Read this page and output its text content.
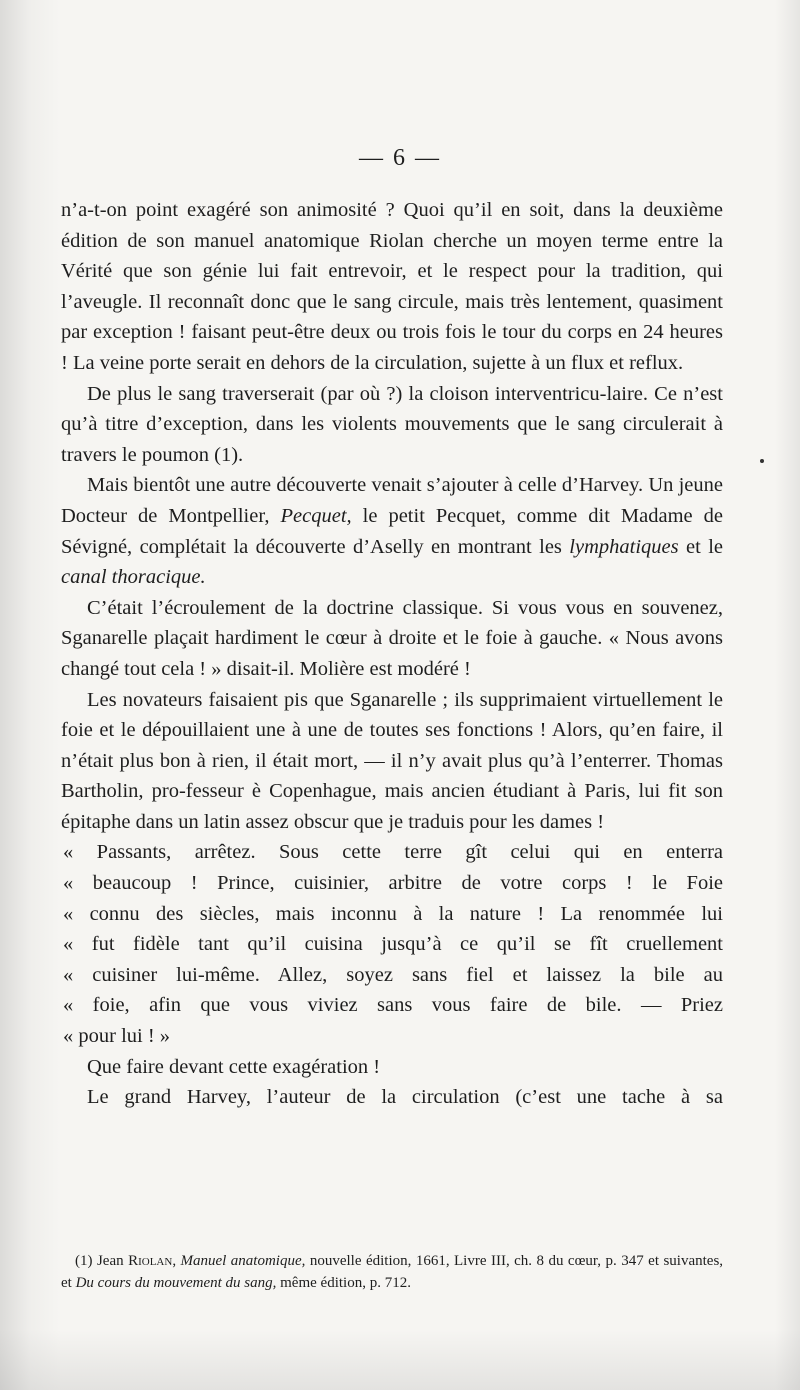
— 6 —

n’a-t-on point exagéré son animosité ? Quoi qu’il en soit, dans la deuxième édition de son manuel anatomique Riolan cherche un moyen terme entre la Vérité que son génie lui fait entrevoir, et le respect pour la tradition, qui l’aveugle. Il reconnaît donc que le sang circule, mais très lentement, quasiment par exception ! faisant peut-être deux ou trois fois le tour du corps en 24 heures ! La veine porte serait en dehors de la circulation, sujette à un flux et reflux.

De plus le sang traverserait (par où ?) la cloison interventricu-laire. Ce n’est qu’à titre d’exception, dans les violents mouvements que le sang circulerait à travers le poumon (1).

Mais bientôt une autre découverte venait s’ajouter à celle d’Harvey. Un jeune Docteur de Montpellier, Pecquet, le petit Pecquet, comme dit Madame de Sévigné, complétait la découverte d’Aselly en montrant les lymphatiques et le canal thoracique.

C’était l’écroulement de la doctrine classique. Si vous vous en souvenez, Sganarelle plaçait hardiment le cœur à droite et le foie à gauche. « Nous avons changé tout cela ! » disait-il. Molière est modéré !

Les novateurs faisaient pis que Sganarelle ; ils supprimaient virtuellement le foie et le dépouillaient une à une de toutes ses fonctions ! Alors, qu’en faire, il n’était plus bon à rien, il était mort, — il n’y avait plus qu’à l’enterrer. Thomas Bartholin, pro-fesseur è Copenhague, mais ancien étudiant à Paris, lui fit son épitaphe dans un latin assez obscur que je traduis pour les dames !

« Passants, arrêtez. Sous cette terre gît celui qui en enterra
« beaucoup ! Prince, cuisinier, arbitre de votre corps ! le Foie
« connu des siècles, mais inconnu à la nature ! La renommée lui
« fut fidèle tant qu’il cuisina jusqu’à ce qu’il se fît cruellement
« cuisiner lui-même. Allez, soyez sans fiel et laissez la bile au
« foie, afin que vous viviez sans vous faire de bile. — Priez
« pour lui ! »

Que faire devant cette exagération !

Le grand Harvey, l’auteur de la circulation (c’est une tache à sa

(1) Jean Riolan, Manuel anatomique, nouvelle édition, 1661, Livre III, ch. 8 du cœur, p. 347 et suivantes, et Du cours du mouvement du sang, même édition, p. 712.
